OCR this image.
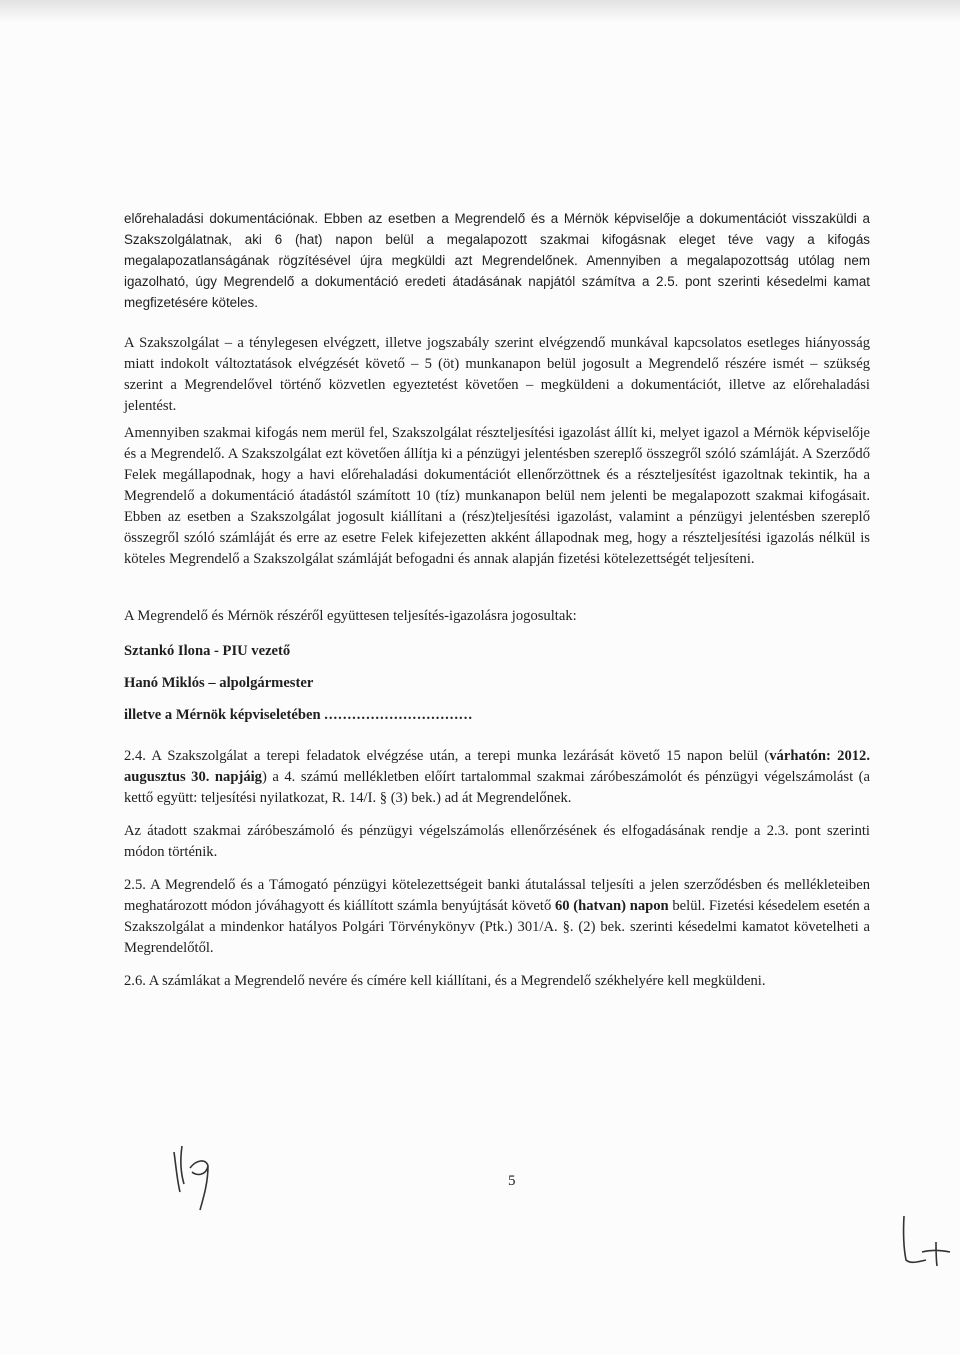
előrehaladási dokumentációnak. Ebben az esetben a Megrendelő és a Mérnök képviselője a dokumentációt visszaküldi a Szakszolgálatnak, aki 6 (hat) napon belül a megalapozott szakmai kifogásnak eleget téve vagy a kifogás megalapozatlanságának rögzítésével újra megküldi azt Megrendelőnek. Amennyiben a megalapozottság utólag nem igazolható, úgy Megrendelő a dokumentáció eredeti átadásának napjától számítva a 2.5. pont szerinti késedelmi kamat megfizetésére köteles.

A Szakszolgálat – a ténylegesen elvégzett, illetve jogszabály szerint elvégzendő munkával kapcsolatos esetleges hiányosság miatt indokolt változtatások elvégzését követő – 5 (öt) munkanapon belül jogosult a Megrendelő részére ismét – szükség szerint a Megrendelővel történő közvetlen egyeztetést követően – megküldeni a dokumentációt, illetve az előrehaladási jelentést.

Amennyiben szakmai kifogás nem merül fel, Szakszolgálat részteljesítési igazolást állít ki, melyet igazol a Mérnök képviselője és a Megrendelő. A Szakszolgálat ezt követően állítja ki a pénzügyi jelentésben szereplő összegről szóló számláját. A Szerződő Felek megállapodnak, hogy a havi előrehaladási dokumentációt ellenőrzöttnek és a részteljesítést igazoltnak tekintik, ha a Megrendelő a dokumentáció átadástól számított 10 (tíz) munkanapon belül nem jelenti be megalapozott szakmai kifogásait. Ebben az esetben a Szakszolgálat jogosult kiállítani a (rész)teljesítési igazolást, valamint a pénzügyi jelentésben szereplő összegről szóló számláját és erre az esetre Felek kifejezetten akként állapodnak meg, hogy a részteljesítési igazolás nélkül is köteles Megrendelő a Szakszolgálat számláját befogadni és annak alapján fizetési kötelezettségét teljesíteni.

A Megrendelő és Mérnök részéről együttesen teljesítés-igazolásra jogosultak:
Sztankó Ilona - PIU vezető
Hanó Miklós – alpolgármester
illetve a Mérnök képviseletében ................................

2.4. A Szakszolgálat a terepi feladatok elvégzése után, a terepi munka lezárását követő 15 napon belül (várhatón: 2012. augusztus 30. napjáig) a 4. számú mellékletben előírt tartalommal szakmai záróbeszámolót és pénzügyi végelszámolást (a kettő együtt: teljesítési nyilatkozat, R. 14/I. § (3) bek.) ad át Megrendelőnek.

Az átadott szakmai záróbeszámoló és pénzügyi végelszámolás ellenőrzésének és elfogadásának rendje a 2.3. pont szerinti módon történik.

2.5. A Megrendelő és a Támogató pénzügyi kötelezettségeit banki átutalással teljesíti a jelen szerződésben és mellékleteiben meghatározott módon jóváhagyott és kiállított számla benyújtását követő 60 (hatvan) napon belül. Fizetési késedelem esetén a Szakszolgálat a mindenkor hatályos Polgári Törvénykönyv (Ptk.) 301/A. §. (2) bek. szerinti késedelmi kamatot követelheti a Megrendelőtől.

2.6. A számlákat a Megrendelő nevére és címére kell kiállítani, és a Megrendelő székhelyére kell megküldeni.

5
